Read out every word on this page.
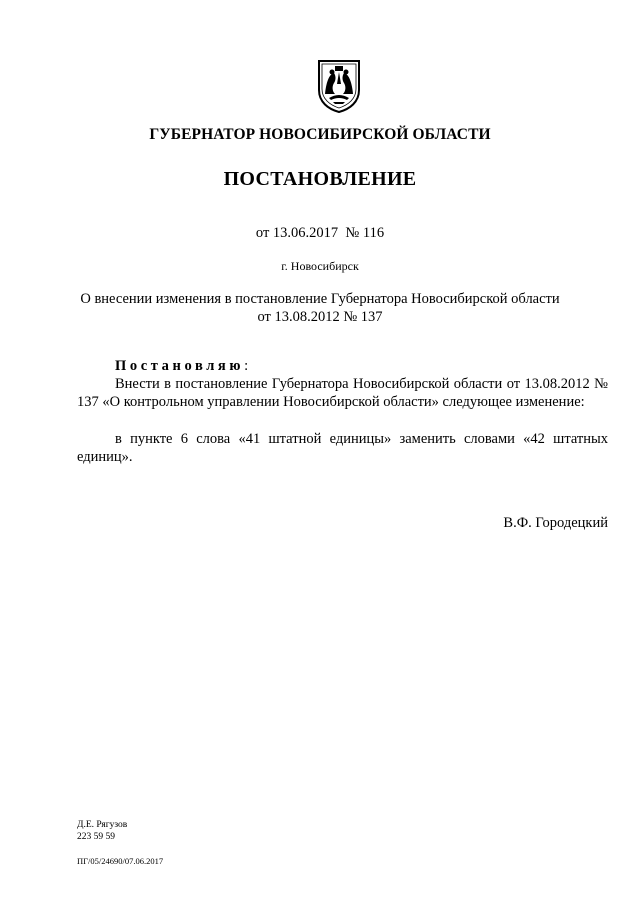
ГУБЕРНАТОР НОВОСИБИРСКОЙ ОБЛАСТИ
ПОСТАНОВЛЕНИЕ
от 13.06.2017  № 116
г. Новосибирск
О внесении изменения в постановление Губернатора Новосибирской области
от 13.08.2012 № 137
Постановляю:
Внести в постановление Губернатора Новосибирской области от 13.08.2012 № 137 «О контрольном управлении Новосибирской области» следующее изменение:
в пункте 6 слова «41 штатной единицы» заменить словами «42 штатных единиц».
В.Ф. Городецкий
Д.Е. Рягузов
223 59 59
ПГ/05/24690/07.06.2017
